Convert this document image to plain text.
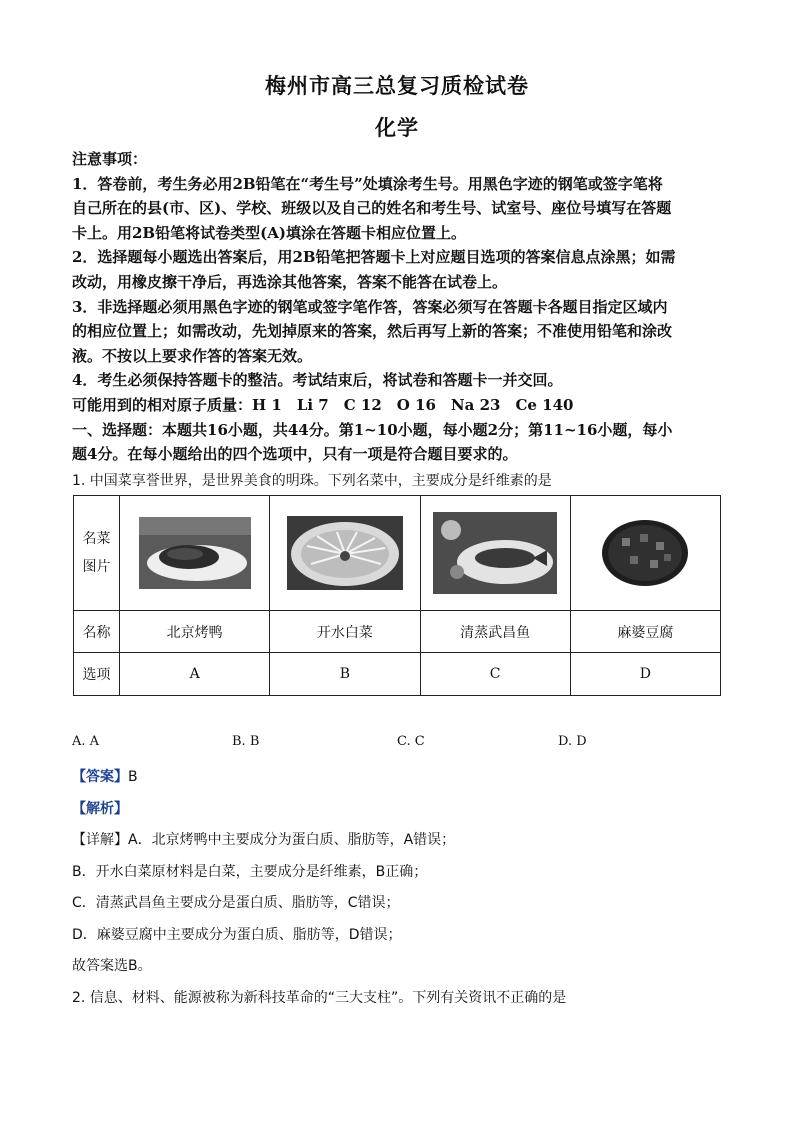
梅州市高三总复习质检试卷
化学

注意事项：

1．答卷前，考生务必用2B铅笔在“考生号”处填涂考生号。用黑色字迹的钢笔或签字笔将

自己所在的县(市、区)、学校、班级以及自己的姓名和考生号、试室号、座位号填写在答题

卡上。用2B铅笔将试卷类型(A)填涂在答题卡相应位置上。

2．选择题每小题选出答案后，用2B铅笔把答题卡上对应题目选项的答案信息点涂黑；如需

改动，用橡皮擦干净后，再选涂其他答案，答案不能答在试卷上。

3．非选择题必须用黑色字迹的钢笔或签字笔作答，答案必须写在答题卡各题目指定区域内

的相应位置上；如需改动，先划掉原来的答案，然后再写上新的答案；不准使用铅笔和涂改

液。不按以上要求作答的答案无效。

4．考生必须保持答题卡的整洁。考试结束后，将试卷和答题卡一并交回。

可能用到的相对原子质量：H 1　Li 7　C 12　O 16　Na 23　Ce 140

一、选择题：本题共16小题，共44分。第1~10小题，每小题2分；第11~16小题，每小

题4分。在每小题给出的四个选项中，只有一项是符合题目要求的。

1. 中国菜享誉世界，是世界美食的明珠。下列名菜中，主要成分是纤维素的是
名菜
图片	

名称	北京烤鸭	开水白菜	清蒸武昌鱼	麻婆豆腐
选项	A	B	C	D
A. A	B. B	C. C	D. D
【答案】B
【解析】
【详解】A．北京烤鸭中主要成分为蛋白质、脂肪等，A错误；
B．开水白菜原材料是白菜，主要成分是纤维素，B正确；
C．清蒸武昌鱼主要成分是蛋白质、脂肪等，C错误；
D．麻婆豆腐中主要成分为蛋白质、脂肪等，D错误；
故答案选B。
2. 信息、材料、能源被称为新科技革命的“三大支柱”。下列有关资讯不正确的是
